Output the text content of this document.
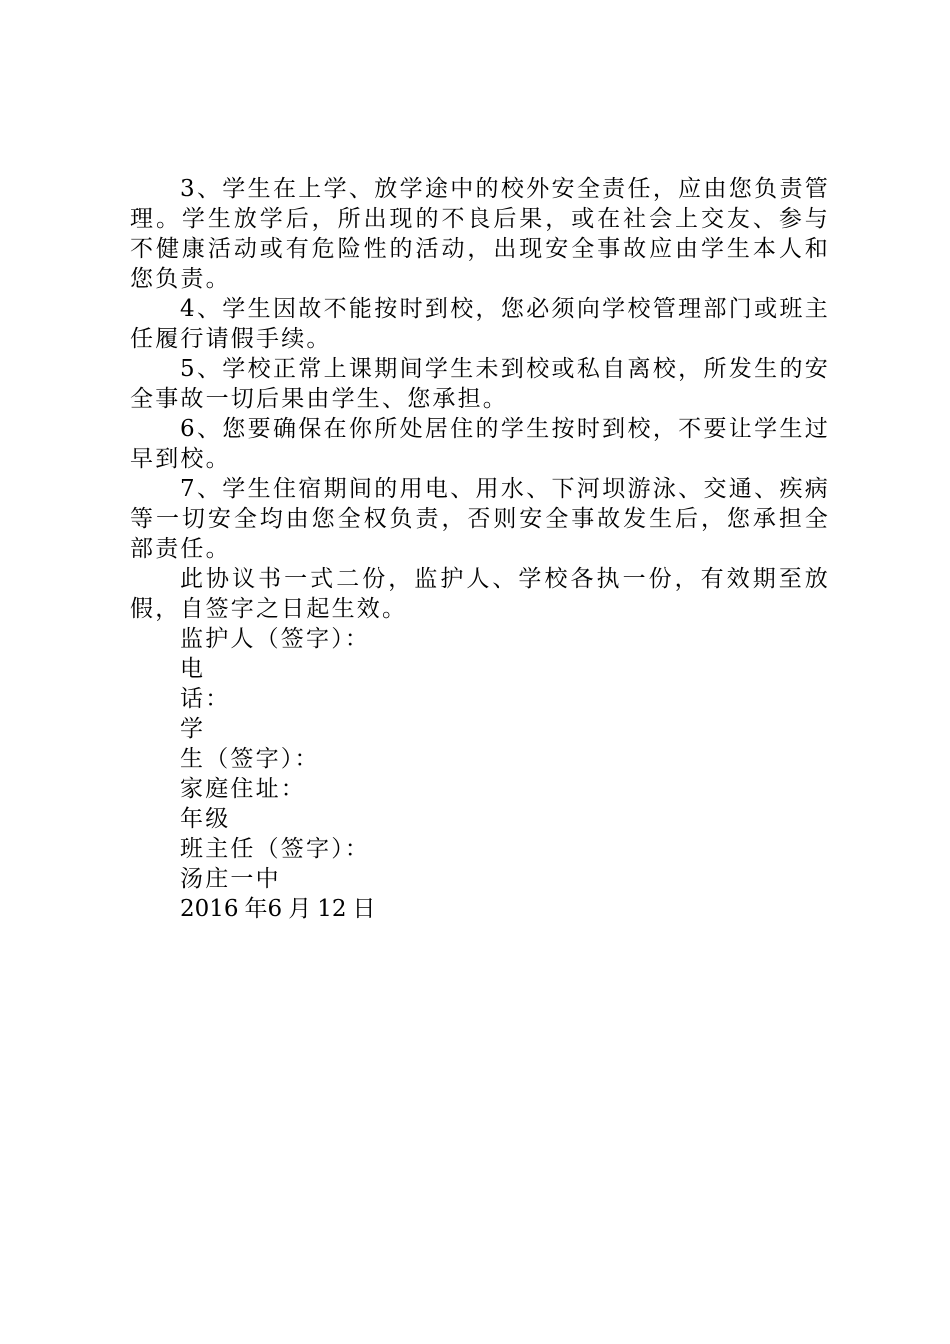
3、学生在上学、放学途中的校外安全责任，应由您负责管理。学生放学后，所出现的不良后果，或在社会上交友、参与不健康活动或有危险性的活动，出现安全事故应由学生本人和您负责。

4、学生因故不能按时到校，您必须向学校管理部门或班主任履行请假手续。

5、学校正常上课期间学生未到校或私自离校，所发生的安全事故一切后果由学生、您承担。

6、您要确保在你所处居住的学生按时到校，不要让学生过早到校。

7、学生住宿期间的用电、用水、下河坝游泳、交通、疾病等一切安全均由您全权负责，否则安全事故发生后，您承担全部责任。

此协议书一式二份，监护人、学校各执一份，有效期至放假，自签字之日起生效。

监护人（签字）：

电

话：

学

生（签字）：

家庭住址：

年级

班主任（签字）：

汤庄一中

2016 年6 月 12 日
